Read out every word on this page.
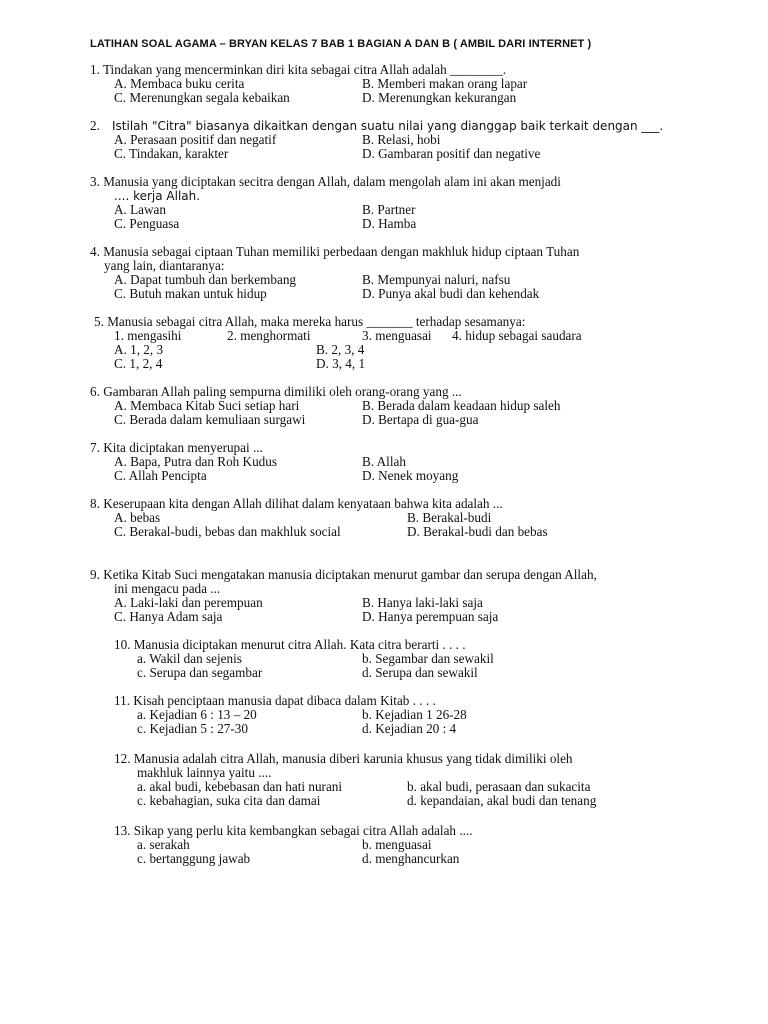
LATIHAN SOAL AGAMA – BRYAN KELAS 7 BAB 1 BAGIAN A DAN B ( AMBIL DARI INTERNET )
1. Tindakan yang mencerminkan diri kita sebagai citra Allah adalah ________.
A. Membaca buku cerita	B. Memberi makan orang lapar
C. Merenungkan segala kebaikan	D. Merenungkan kekurangan
2. Istilah "Citra" biasanya dikaitkan dengan suatu nilai yang dianggap baik terkait dengan ___.
A. Perasaan positif dan negatif	B. Relasi, hobi
C. Tindakan, karakter	D. Gambaran positif dan negative
3. Manusia yang diciptakan secitra dengan Allah, dalam mengolah alam ini akan menjadi
.... kerja Allah.
A. Lawan	B. Partner
C. Penguasa	D. Hamba
4. Manusia sebagai ciptaan Tuhan memiliki perbedaan dengan makhluk hidup ciptaan Tuhan
yang lain, diantaranya:
A. Dapat tumbuh dan berkembang	B. Mempunyai naluri, nafsu
C. Butuh makan untuk hidup	D. Punya akal budi dan kehendak
5. Manusia sebagai citra Allah, maka mereka harus _______ terhadap sesamanya:
1. mengasihi	2. menghormati	3. menguasai 4. hidup sebagai saudara
A. 1, 2, 3	B. 2, 3, 4
C. 1, 2, 4	D. 3, 4, 1
6. Gambaran Allah paling sempurna dimiliki oleh orang-orang yang ...
A. Membaca Kitab Suci setiap hari	B. Berada dalam keadaan hidup saleh
C. Berada dalam kemuliaan surgawi	D. Bertapa di gua-gua
7. Kita diciptakan menyerupai ...
A. Bapa, Putra dan Roh Kudus	B. Allah
C. Allah Pencipta	D. Nenek moyang
8. Keserupaan kita dengan Allah dilihat dalam kenyataan bahwa kita adalah ...
A. bebas	B. Berakal-budi
C. Berakal-budi, bebas dan makhluk social	D. Berakal-budi dan bebas
9. Ketika Kitab Suci mengatakan manusia diciptakan menurut gambar dan serupa dengan Allah,
ini mengacu pada ...
A. Laki-laki dan perempuan	B. Hanya laki-laki saja
C. Hanya Adam saja	D. Hanya perempuan saja
10. Manusia diciptakan menurut citra Allah. Kata citra berarti . . . .
a. Wakil dan sejenis	b. Segambar dan sewakil
c. Serupa dan segambar	d. Serupa dan sewakil
11. Kisah penciptaan manusia dapat dibaca dalam Kitab . . . .
a. Kejadian 6 : 13 – 20	b. Kejadian 1 26-28
c. Kejadian 5 : 27-30	d. Kejadian 20 : 4
12. Manusia adalah citra Allah, manusia diberi karunia khusus yang tidak dimiliki oleh
makhluk lainnya yaitu ....
a. akal budi, kebebasan dan hati nurani	b. akal budi, perasaan dan sukacita
c. kebahagian, suka cita dan damai	d. kepandaian, akal budi dan tenang
13. Sikap yang perlu kita kembangkan sebagai citra Allah adalah ....
a. serakah	b. menguasai
c. bertanggung jawab	d. menghancurkan
